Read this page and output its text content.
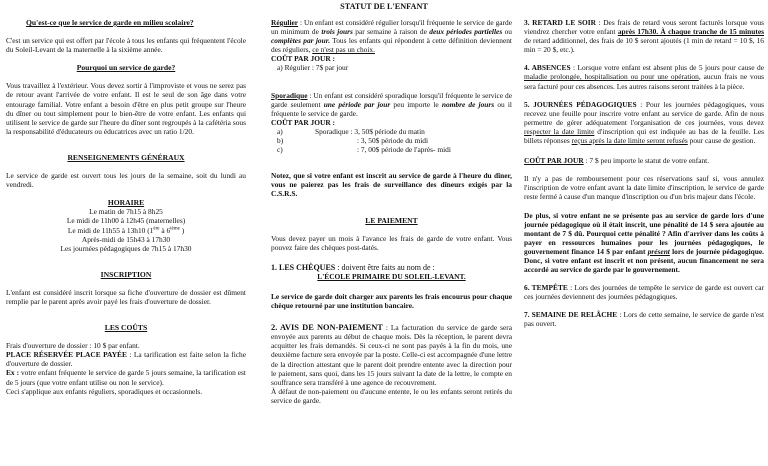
STATUT DE L'ENFANT

Qu'est-ce que le service de garde en milieu scolaire?

C'est un service qui est offert par l'école à tous les enfants qui fréquentent l'école du Soleil-Levant de la maternelle à la sixième année.

Pourquoi un service de garde?

Vous travaillez à l'extérieur. Vous devez sortir à l'improviste et vous ne serez pas de retour avant l'arrivée de votre enfant. Il est le seul de son âge dans votre entourage familial. Votre enfant a besoin d'être en plus petit groupe sur l'heure du dîner ou tout simplement pour le bien-être de votre enfant. Les enfants qui utilisent le service de garde sur l'heure du dîner sont regroupés à la cafétéria sous la responsabilité d'éducateurs ou éducatrices avec un ratio 1/20.

RENSEIGNEMENTS GÉNÉRAUX

Le service de garde est ouvert tous les jours de la semaine, soit du lundi au vendredi.

HORAIRE

Le matin de 7h15 à 8h25

Le midi de 11h00 à 12h45 (maternelles)

Le midi de 11h55 à 13h10 (1ère à 6ième )

Après-midi de 15h43 à 17h30

Les journées pédagogiques de 7h15 à 17h30

INSCRIPTION

L'enfant est considéré inscrit lorsque sa fiche d'ouverture de dossier est dûment remplie par le parent après avoir payé les frais d'ouverture de dossier.

LES COÛTS

Frais d'ouverture de dossier : 10 $ par enfant.

PLACE RÉSERVÉE PLACE PAYÉE : La tarification est faite selon la fiche d'ouverture de dossier.

Ex : votre enfant fréquente le service de garde 5 jours semaine, la tarification est de 5 jours (que votre enfant utilise ou non le service).

Ceci s'applique aux enfants réguliers, sporadiques et occasionnels.

Régulier : Un enfant est considéré régulier lorsqu'il fréquente le service de garde un minimum de trois jours par semaine à raison de deux périodes partielles ou complètes par jour. Tous les enfants qui répondent à cette définition deviennent des réguliers, ce n'est pas un choix.

COÛT PAR JOUR :

a) Régulier : 7$ par jour

Sporadique : Un enfant est considéré sporadique lorsqu'il fréquente le service de garde seulement une période par jour peu importe le nombre de jours ou il fréquente le service de garde.

COÛT PAR JOUR :

a)	Sporadique : 3, 50$ période du matin
b)	: 3, 50$ période du midi
c)	: 7, 00$ période de l'après- midi

Notez, que si votre enfant est inscrit au service de garde à l'heure du dîner, vous ne paierez pas les frais de surveillance des dîneurs exigés par la C.S.R.S.

LE PAIEMENT

Vous devez payer un mois à l'avance les frais de garde de votre enfant. Vous pouvez faire des chèques post-datés.

1. LES CHÈQUES : doivent être faits au nom de :

L'ÉCOLE PRIMAIRE DU SOLEIL-LEVANT.

Le service de garde doit charger aux parents les frais encourus pour chaque chèque retourné par une institution bancaire.

2. AVIS DE NON-PAIEMENT : La facturation du service de garde sera envoyée aux parents au début de chaque mois. Dès la réception, le parent devra acquitter les frais demandés. Si ceux-ci ne sont pas payés à la fin du mois, une deuxième facture sera envoyée par la poste. Celle-ci est accompagnée d'une lettre de la direction attestant que le parent doit prendre entente avec la direction pour le paiement, sans quoi, dans les 15 jours suivant la date de la lettre, le compte en souffrance sera transféré à une agence de recouvrement.

À défaut de non-paiement ou d'aucune entente, le ou les enfants seront retirés du service de garde.

3. RETARD LE SOIR : Des frais de retard vous seront facturés lorsque vous viendrez chercher votre enfant après 17h30. À chaque tranche de 15 minutes de retard additionnel, des frais de 10 $ seront ajoutés (1 min de retard = 10 $, 16 min = 20 $, etc.).

4. ABSENCES : Lorsque votre enfant est absent plus de 5 jours pour cause de maladie prolongée, hospitalisation ou pour une opération, aucun frais ne vous sera facturé pour ces absences. Les autres raisons seront traitées à la pièce.

5. JOURNÉES PÉDAGOGIQUES : Pour les journées pédagogiques, vous recevez une feuille pour inscrire votre enfant au service de garde. Afin de nous permettre de gérer adéquatement l'organisation de ces journées, vous devez respecter la date limite d'inscription qui est indiquée au bas de la feuille. Les billets réponses reçus après la date limite seront refusés pour cause de gestion.

COÛT PAR JOUR : 7 $ peu importe le statut de votre enfant.

Il n'y a pas de remboursement pour ces réservations sauf si, vous annulez l'inscription de votre enfant avant la date limite d'inscription, le service de garde reste fermé à cause d'un manque d'inscription ou d'un bris majeur dans l'école.

De plus, si votre enfant ne se présente pas au service de garde lors d'une journée pédagogique où il était inscrit, une pénalité de 14 $ sera ajoutée au montant de 7 $ dû. Pourquoi cette pénalité ? Afin d'arriver dans les coûts à payer en ressources humaines pour les journées pédagogiques, le gouvernement finance 14 $ par enfant présent lors de journée pédagogique. Donc, si votre enfant est inscrit et non présent, aucun financement ne sera accordé au service de garde par le gouvernement.

6. TEMPÊTE : Lors des journées de tempête le service de garde est ouvert car ces journées deviennent des journées pédagogiques.

7. SEMAINE DE RELÂCHE : Lors de cette semaine, le service de garde n'est pas ouvert.
